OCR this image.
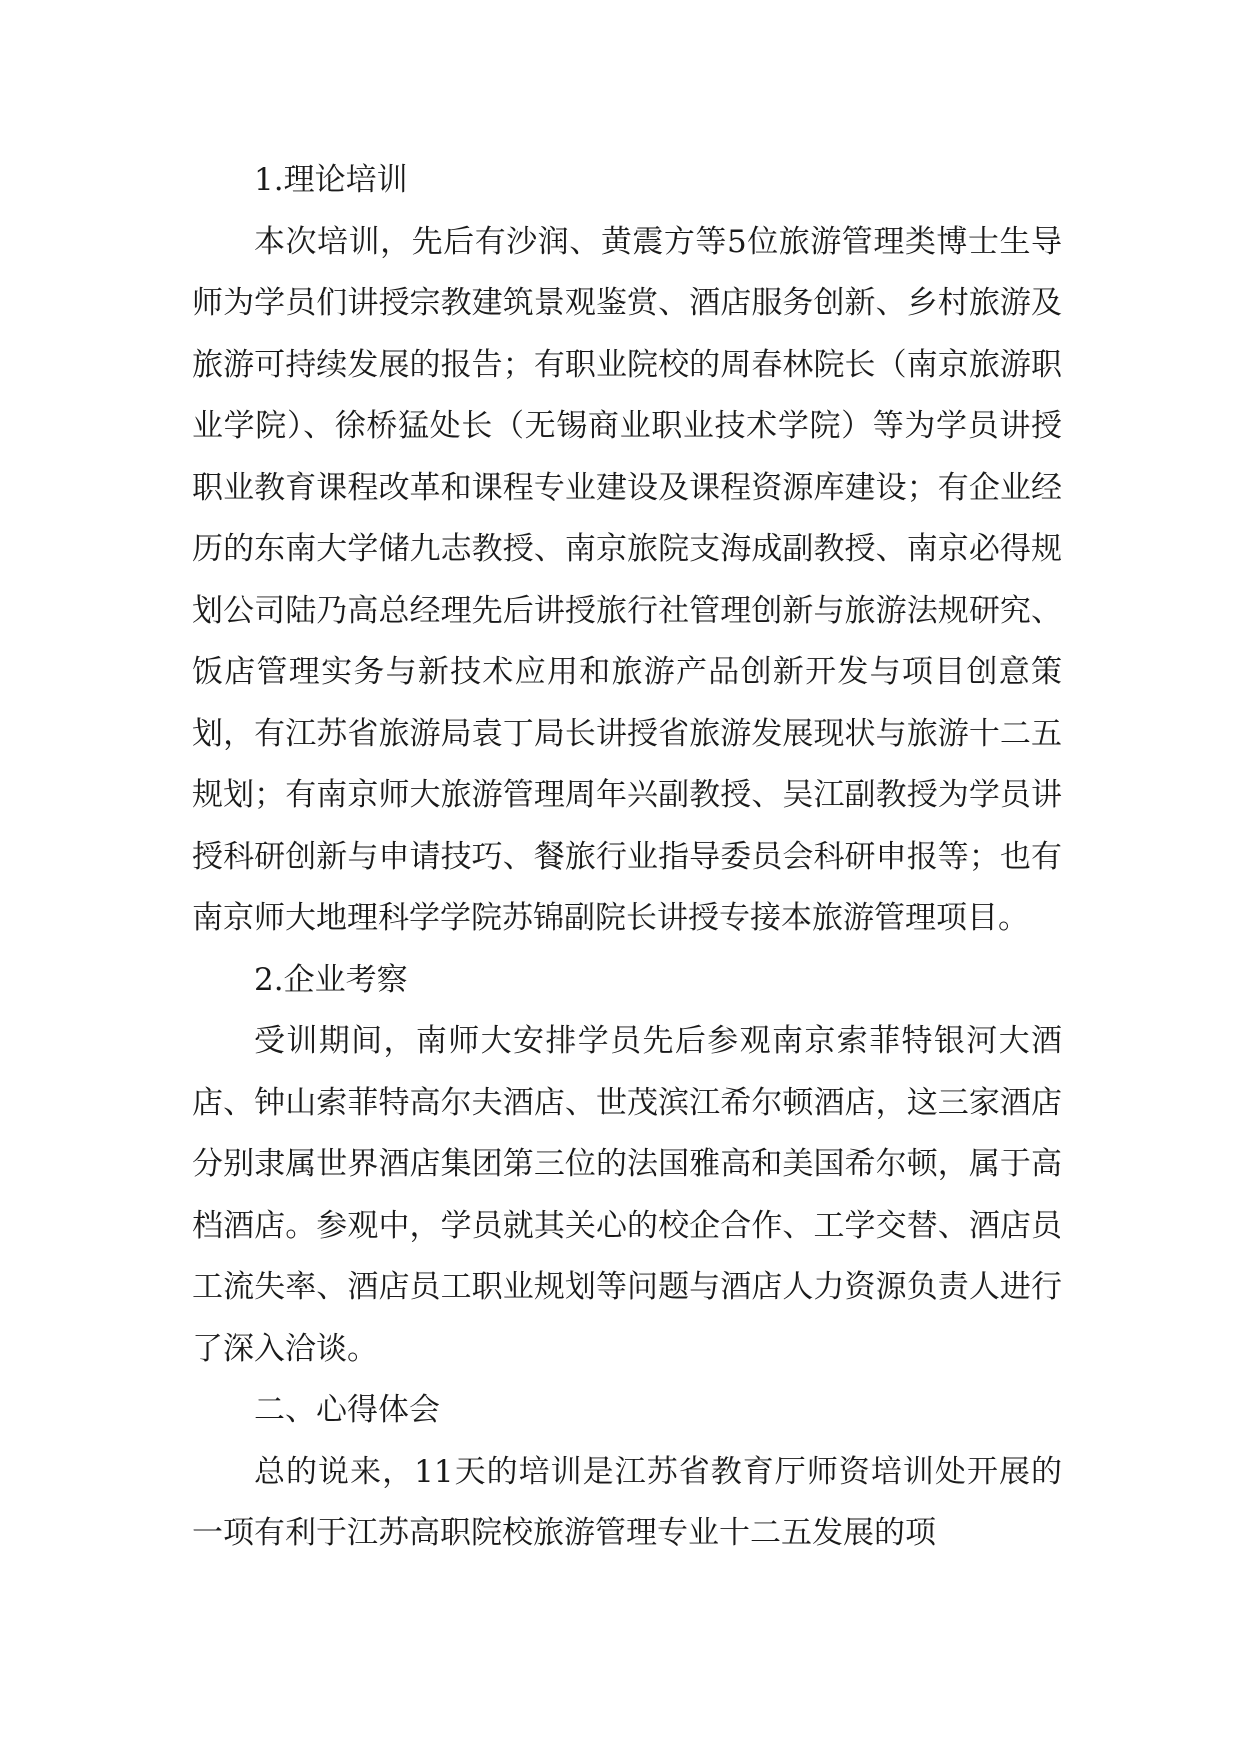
1.理论培训

本次培训，先后有沙润、黄震方等5位旅游管理类博士生导师为学员们讲授宗教建筑景观鉴赏、酒店服务创新、乡村旅游及旅游可持续发展的报告；有职业院校的周春林院长（南京旅游职业学院）、徐桥猛处长（无锡商业职业技术学院）等为学员讲授职业教育课程改革和课程专业建设及课程资源库建设；有企业经历的东南大学储九志教授、南京旅院支海成副教授、南京必得规划公司陆乃高总经理先后讲授旅行社管理创新与旅游法规研究、饭店管理实务与新技术应用和旅游产品创新开发与项目创意策划，有江苏省旅游局袁丁局长讲授省旅游发展现状与旅游十二五规划；有南京师大旅游管理周年兴副教授、吴江副教授为学员讲授科研创新与申请技巧、餐旅行业指导委员会科研申报等；也有南京师大地理科学学院苏锦副院长讲授专接本旅游管理项目。

2.企业考察

受训期间，南师大安排学员先后参观南京索菲特银河大酒店、钟山索菲特高尔夫酒店、世茂滨江希尔顿酒店，这三家酒店分别隶属世界酒店集团第三位的法国雅高和美国希尔顿，属于高档酒店。参观中，学员就其关心的校企合作、工学交替、酒店员工流失率、酒店员工职业规划等问题与酒店人力资源负责人进行了深入洽谈。

二、心得体会

总的说来，11天的培训是江苏省教育厅师资培训处开展的一项有利于江苏高职院校旅游管理专业十二五发展的项
